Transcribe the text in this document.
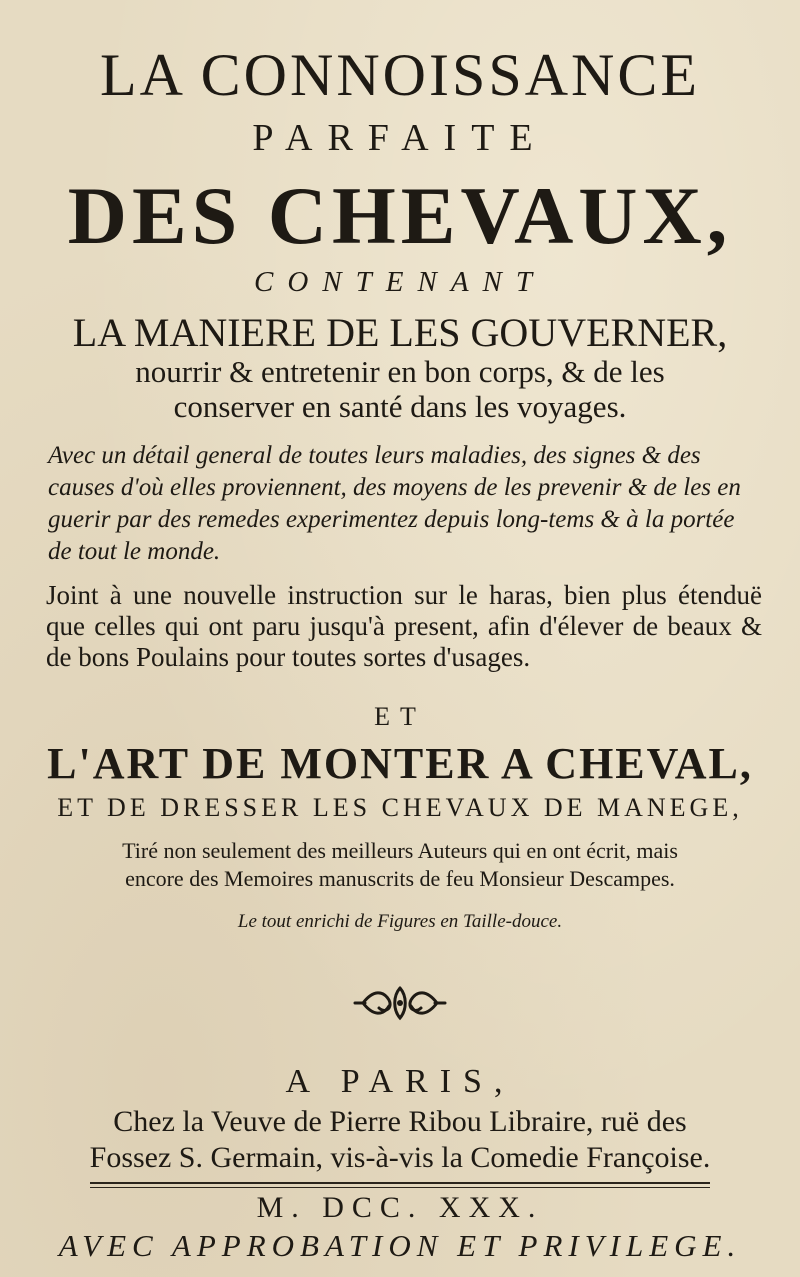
LA CONNOISSANCE
PARFAITE
DES CHEVAUX,
CONTENANT
LA MANIERE DE LES GOUVERNER,
nourrir & entretenir en bon corps, & de les
conserver en santé dans les voyages.
Avec un détail general de toutes leurs maladies, des signes & des causes d'où elles proviennent, des moyens de les prevenir & de les en guerir par des remedes experimentez depuis long-tems & à la portée de tout le monde.
Joint à une nouvelle instruction sur le haras, bien plus étenduë que celles qui ont paru jusqu'à present, afin d'élever de beaux & de bons Poulains pour toutes sortes d'usages.
ET
L'ART DE MONTER A CHEVAL,
ET DE DRESSER LES CHEVAUX DE MANEGE,
Tiré non seulement des meilleurs Auteurs qui en ont écrit, mais
encore des Memoires manuscrits de feu Monsieur Descampes.
Le tout enrichi de Figures en Taille-douce.
A PARIS,
Chez la Veuve de Pierre Ribou Libraire, ruë des
Fossez S. Germain, vis-à-vis la Comedie Françoise.
M. DCC. XXX.
AVEC APPROBATION ET PRIVILEGE.
